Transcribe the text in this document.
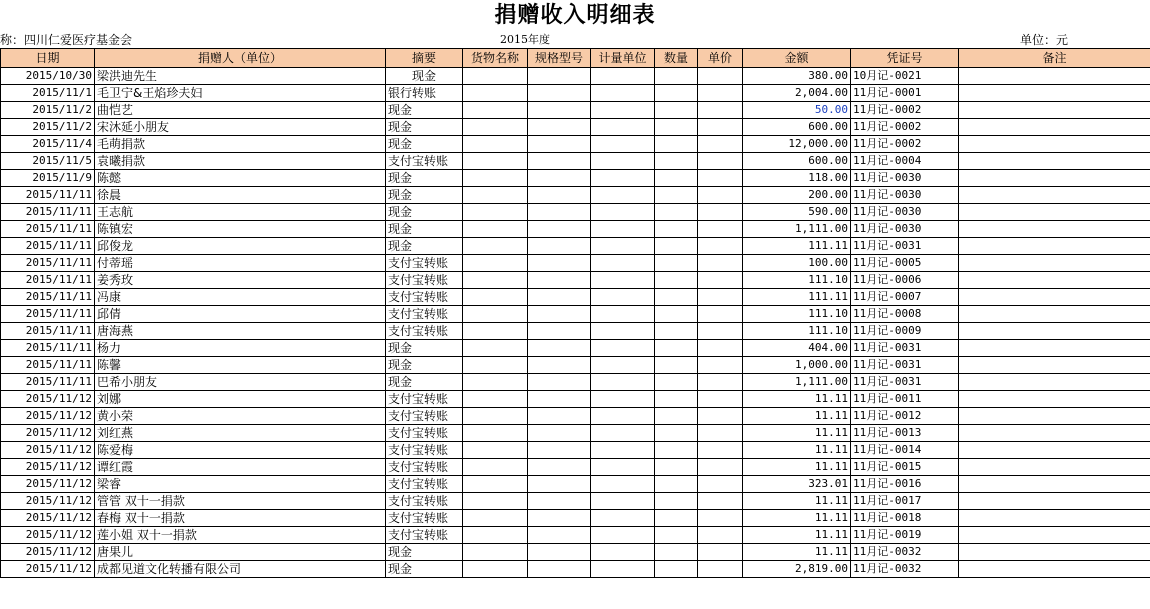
捐赠收入明细表
称：四川仁爱医疗基金会	2015年度	单位：元
日期	捐赠人（单位）	摘要	货物名称	规格型号	计量单位	数量	单价	金额	凭证号	备注
2015/10/30	梁洪迪先生	现金						380.00	10月记-0021	
2015/11/1	毛卫宁&王焰珍夫妇	银行转账						2,004.00	11月记-0001	
2015/11/2	曲恺艺	现金						50.00	11月记-0002	
2015/11/2	宋沐延小朋友	现金						600.00	11月记-0002	
2015/11/4	毛萌捐款	现金						12,000.00	11月记-0002	
2015/11/5	袁曦捐款	支付宝转账						600.00	11月记-0004	
2015/11/9	陈懿	现金						118.00	11月记-0030	
2015/11/11	徐晨	现金						200.00	11月记-0030	
2015/11/11	王志航	现金						590.00	11月记-0030	
2015/11/11	陈镇宏	现金						1,111.00	11月记-0030	
2015/11/11	邱俊龙	现金						111.11	11月记-0031	
2015/11/11	付蒂瑶	支付宝转账						100.00	11月记-0005	
2015/11/11	姜秀玫	支付宝转账						111.10	11月记-0006	
2015/11/11	冯康	支付宝转账						111.11	11月记-0007	
2015/11/11	邱倩	支付宝转账						111.10	11月记-0008	
2015/11/11	唐海燕	支付宝转账						111.10	11月记-0009	
2015/11/11	杨力	现金						404.00	11月记-0031	
2015/11/11	陈馨	现金						1,000.00	11月记-0031	
2015/11/11	巴希小朋友	现金						1,111.00	11月记-0031	
2015/11/12	刘娜	支付宝转账						11.11	11月记-0011	
2015/11/12	黄小荣	支付宝转账						11.11	11月记-0012	
2015/11/12	刘红燕	支付宝转账						11.11	11月记-0013	
2015/11/12	陈爱梅	支付宝转账						11.11	11月记-0014	
2015/11/12	谭红霞	支付宝转账						11.11	11月记-0015	
2015/11/12	梁睿	支付宝转账						323.01	11月记-0016	
2015/11/12	管管 双十一捐款	支付宝转账						11.11	11月记-0017	
2015/11/12	春梅 双十一捐款	支付宝转账						11.11	11月记-0018	
2015/11/12	莲小姐 双十一捐款	支付宝转账						11.11	11月记-0019	
2015/11/12	唐果儿	现金						11.11	11月记-0032	
2015/11/12	成都见道文化转播有限公司	现金						2,819.00	11月记-0032	
